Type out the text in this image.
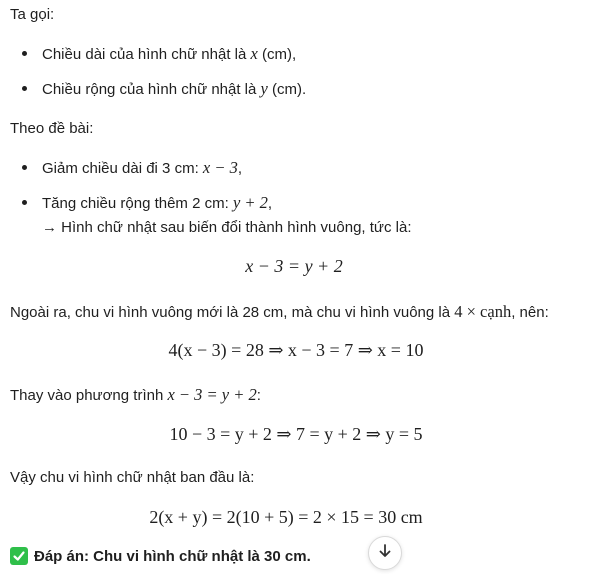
Ta gọi:
Chiều dài của hình chữ nhật là x (cm),
Chiều rộng của hình chữ nhật là y (cm).
Theo đề bài:
Giảm chiều dài đi 3 cm: x − 3,
Tăng chiều rộng thêm 2 cm: y + 2,
→ Hình chữ nhật sau biến đổi thành hình vuông, tức là:
x − 3 = y + 2
Ngoài ra, chu vi hình vuông mới là 28 cm, mà chu vi hình vuông là 4 × cạnh, nên:
4(x − 3) = 28 ⇒ x − 3 = 7 ⇒ x = 10
Thay vào phương trình x − 3 = y + 2:
10 − 3 = y + 2 ⇒ 7 = y + 2 ⇒ y = 5
Vậy chu vi hình chữ nhật ban đầu là:
2(x + y) = 2(10 + 5) = 2 × 15 = 30 cm
Đáp án: Chu vi hình chữ nhật là 30 cm.
